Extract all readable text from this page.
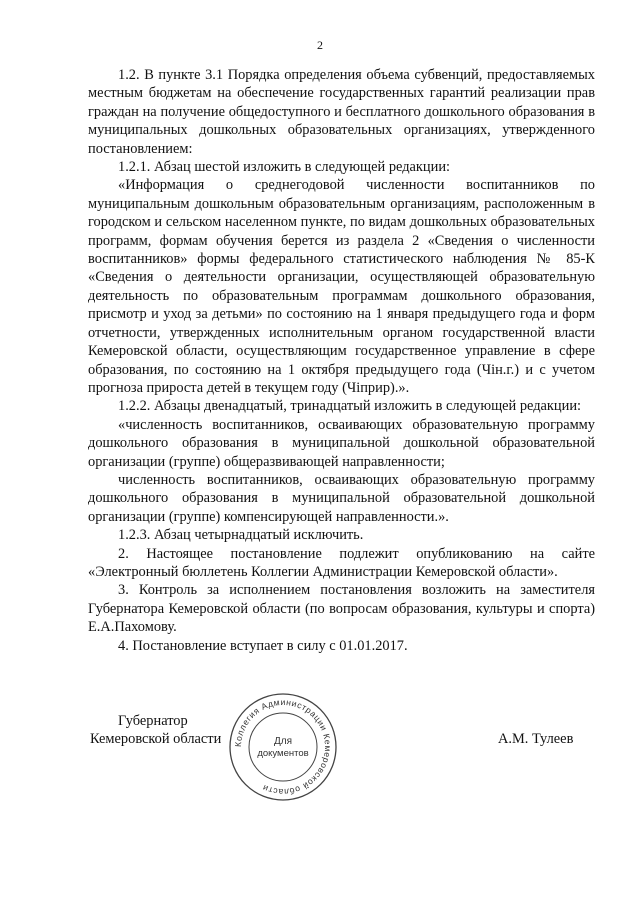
2

1.2. В пункте 3.1 Порядка определения объема субвенций, предоставляемых местным бюджетам на обеспечение государственных гарантий реализации прав граждан на получение общедоступного и бесплатного дошкольного образования в муниципальных дошкольных образовательных организациях, утвержденного постановлением:

1.2.1. Абзац шестой изложить в следующей редакции:

«Информация о среднегодовой численности воспитанников по муниципальным дошкольным образовательным организациям, расположенным в городском и сельском населенном пункте, по видам дошкольных образовательных программ, формам обучения берется из раздела 2 «Сведения о численности воспитанников» формы федерального статистического наблюдения № 85-К «Сведения о деятельности организации, осуществляющей образовательную деятельность по образовательным программам дошкольного образования, присмотр и уход за детьми» по состоянию на 1 января предыдущего года и форм отчетности, утвержденных исполнительным органом государственной власти Кемеровской области, осуществляющим государственное управление в сфере образования, по состоянию на 1 октября предыдущего года (Чiн.г.) и с учетом прогноза прироста детей в текущем году (Чiприр).».

1.2.2. Абзацы двенадцатый, тринадцатый изложить в следующей редакции:

«численность воспитанников, осваивающих образовательную программу дошкольного образования в муниципальной дошкольной образовательной организации (группе) общеразвивающей направленности;

численность воспитанников, осваивающих образовательную программу дошкольного образования в муниципальной образовательной дошкольной организации (группе) компенсирующей направленности.».

1.2.3. Абзац четырнадцатый исключить.

2. Настоящее постановление подлежит опубликованию на сайте «Электронный бюллетень Коллегии Администрации Кемеровской области».

3. Контроль за исполнением постановления возложить на заместителя Губернатора Кемеровской области (по вопросам образования, культуры и спорта) Е.А.Пахомову.

4. Постановление вступает в силу с 01.01.2017.

Губернатор
Кемеровской области	А.М. Тулеев
Коллегия Администрации Кемеровской области
Для
документов
